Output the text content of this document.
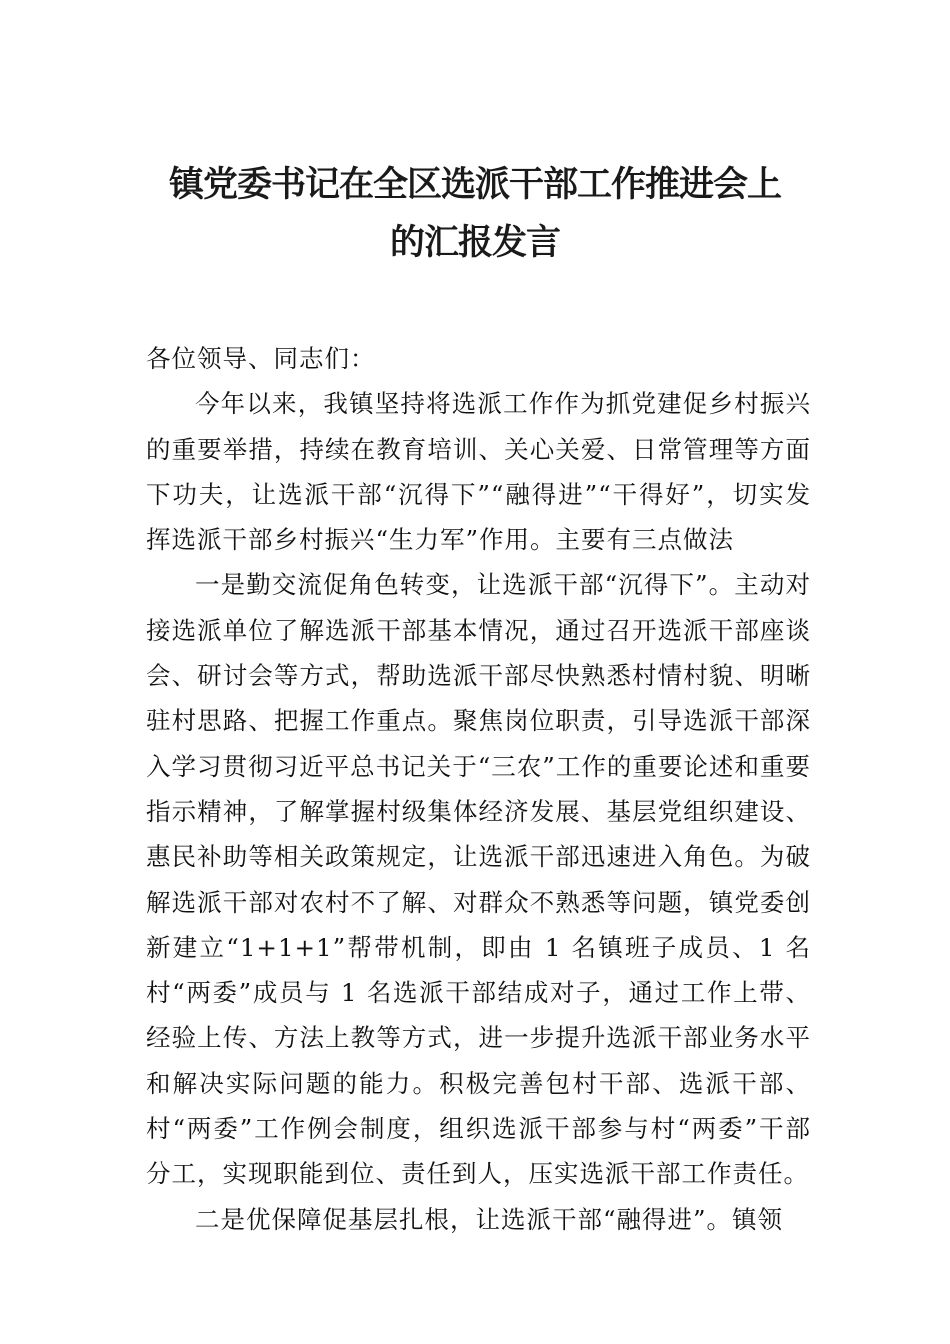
镇党委书记在全区选派干部工作推进会上
的汇报发言

各位领导、同志们：

今年以来，我镇坚持将选派工作作为抓党建促乡村振兴的重要举措，持续在教育培训、关心关爱、日常管理等方面下功夫，让选派干部“沉得下”“融得进”“干得好”，切实发挥选派干部乡村振兴“生力军”作用。主要有三点做法

一是勤交流促角色转变，让选派干部“沉得下”。主动对接选派单位了解选派干部基本情况，通过召开选派干部座谈会、研讨会等方式，帮助选派干部尽快熟悉村情村貌、明晰驻村思路、把握工作重点。聚焦岗位职责，引导选派干部深入学习贯彻习近平总书记关于“三农”工作的重要论述和重要指示精神，了解掌握村级集体经济发展、基层党组织建设、惠民补助等相关政策规定，让选派干部迅速进入角色。为破解选派干部对农村不了解、对群众不熟悉等问题，镇党委创新建立“1+1+1”帮带机制，即由 1 名镇班子成员、1 名村“两委”成员与 1 名选派干部结成对子，通过工作上带、经验上传、方法上教等方式，进一步提升选派干部业务水平和解决实际问题的能力。积极完善包村干部、选派干部、村“两委”工作例会制度，组织选派干部参与村“两委”干部分工，实现职能到位、责任到人，压实选派干部工作责任。

二是优保障促基层扎根，让选派干部“融得进”。镇领
